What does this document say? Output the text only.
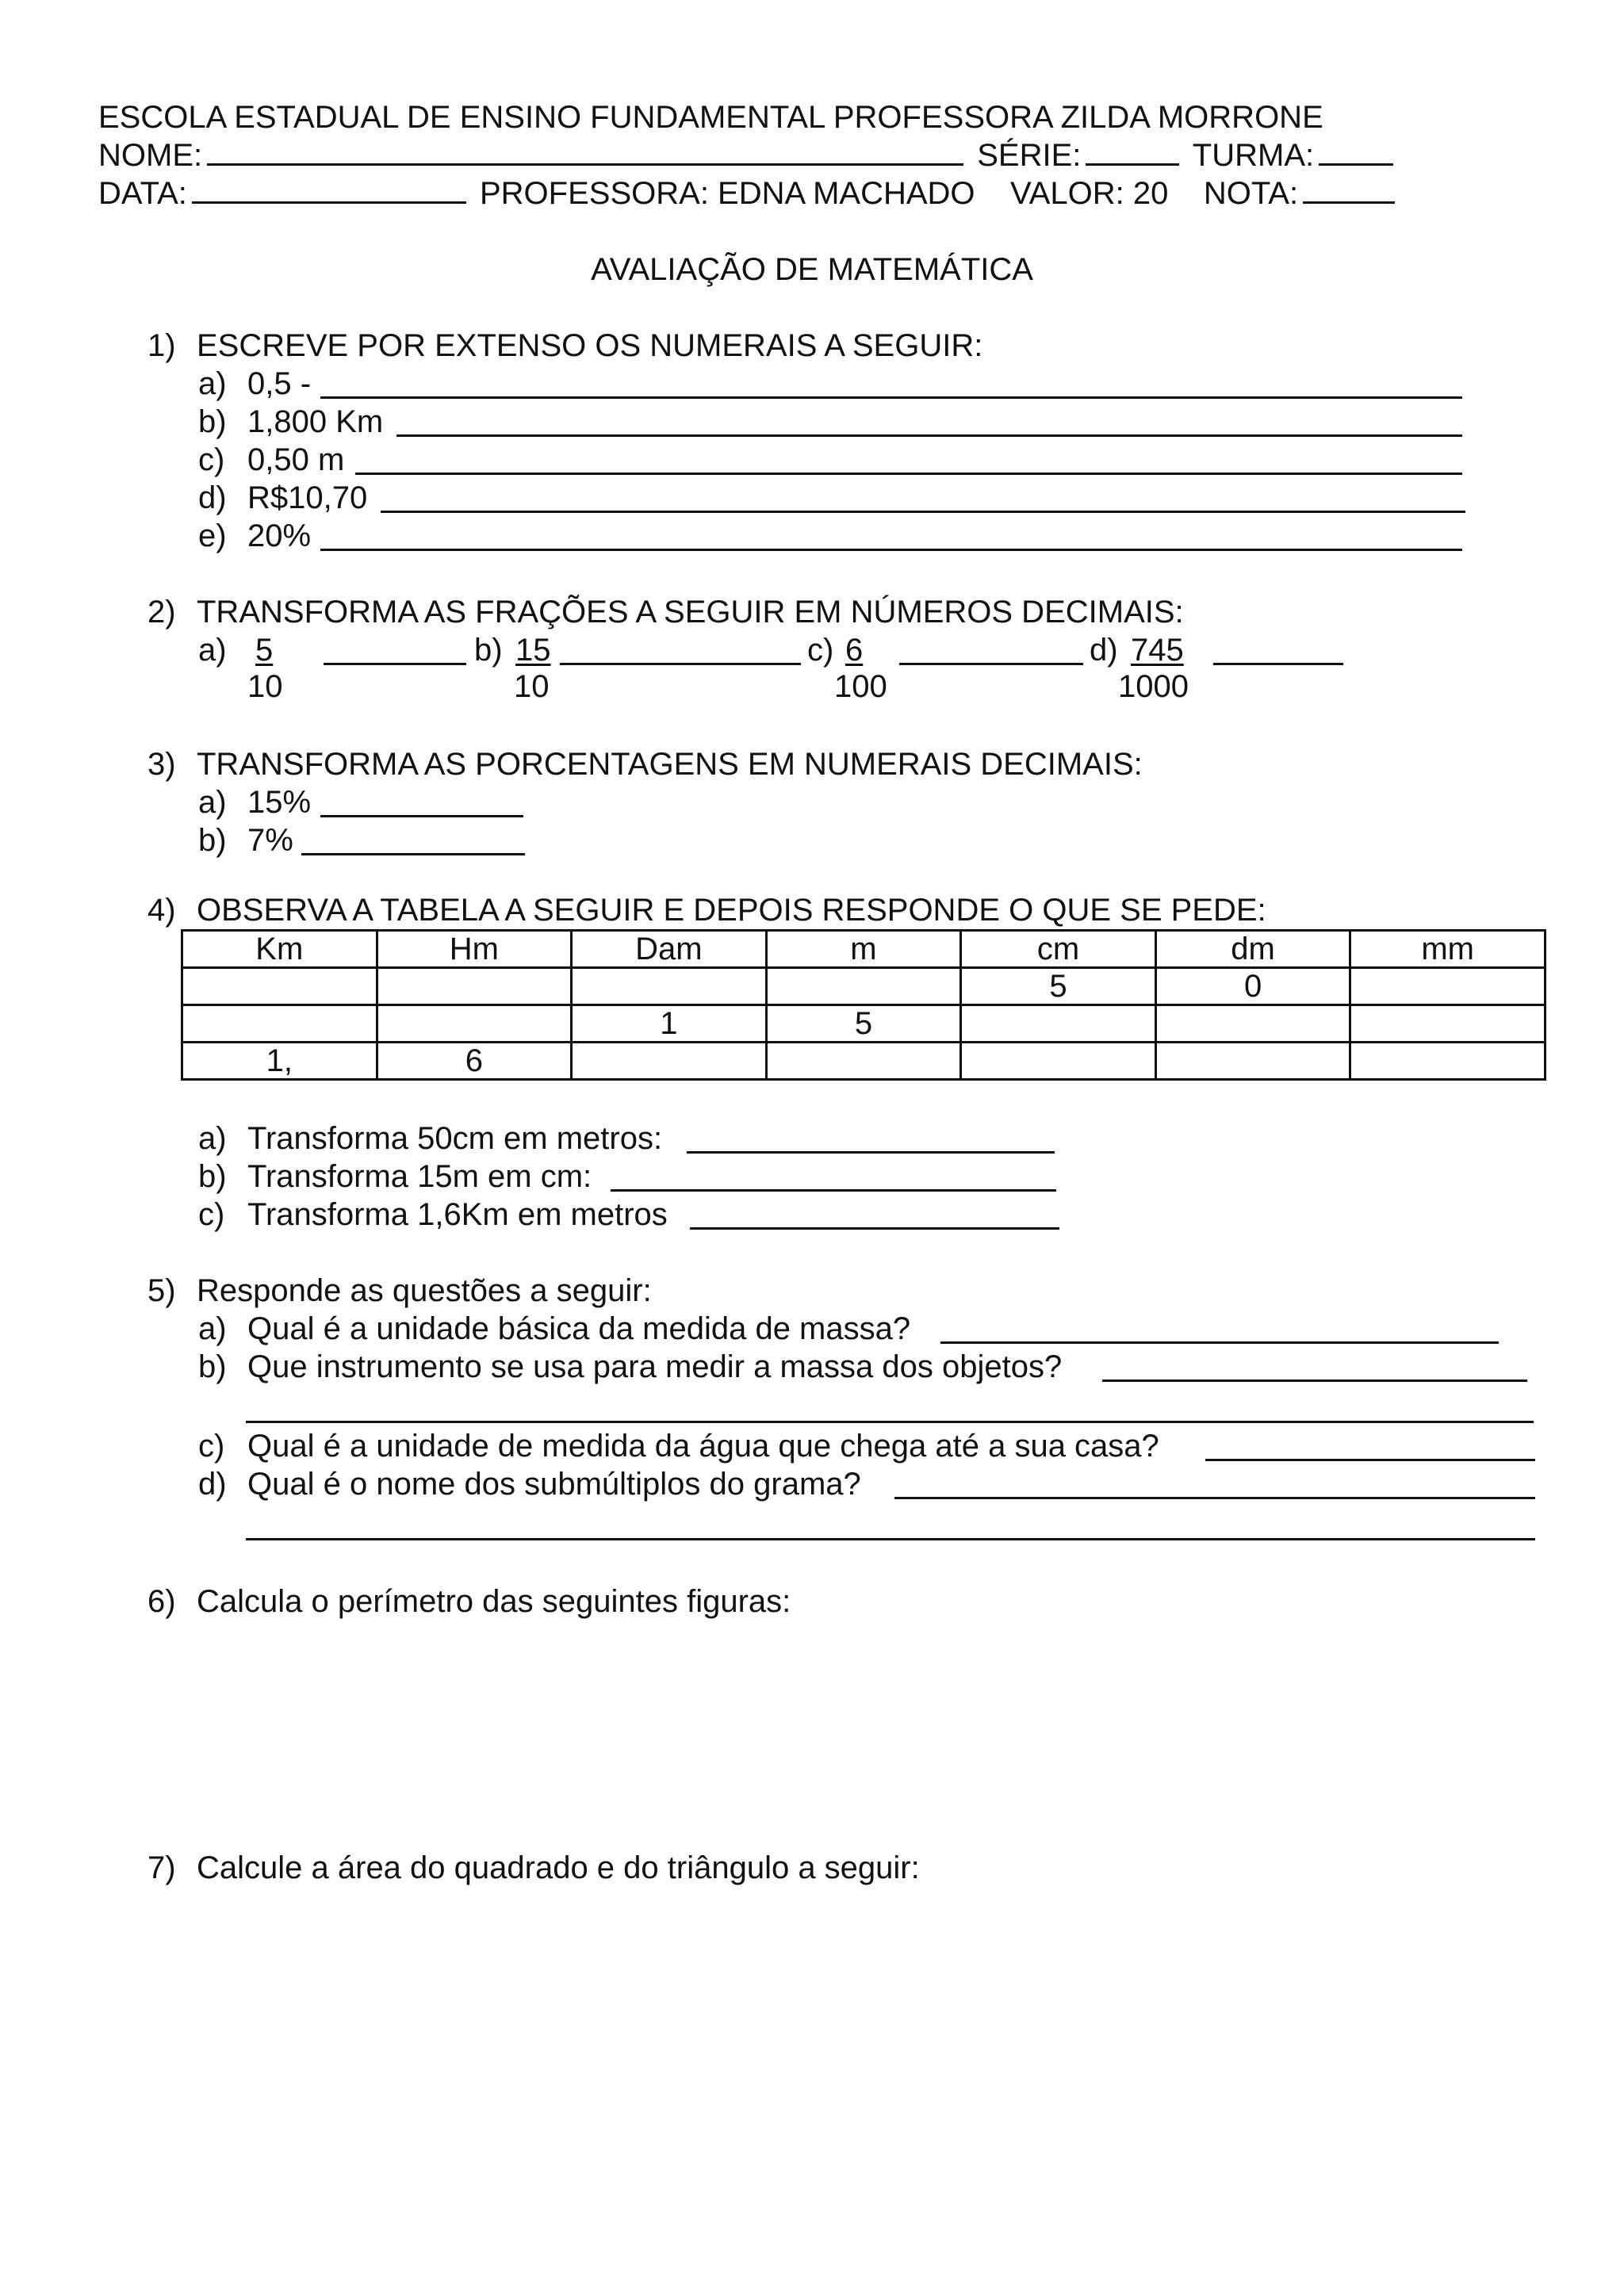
ESCOLA ESTADUAL DE ENSINO FUNDAMENTAL PROFESSORA ZILDA MORRONE
NOME:	SÉRIE:	TURMA:
DATA:	PROFESSORA: EDNA MACHADO VALOR: 20 NOTA:
AVALIAÇÃO DE MATEMÁTICA
1) ESCREVE POR EXTENSO OS NUMERAIS A SEGUIR:
a) 0,5 -
b) 1,800 Km
c) 0,50 m
d) R$10,70
e) 20%
2) TRANSFORMA AS FRAÇÕES A SEGUIR EM NÚMEROS DECIMAIS:
a) 5
10
b) 15
10
c) 6
100
d) 745
1000
3) TRANSFORMA AS PORCENTAGENS EM NUMERAIS DECIMAIS:
a) 15%
b) 7%
4) OBSERVA A TABELA A SEGUIR E DEPOIS RESPONDE O QUE SE PEDE:
Km	Hm	Dam	m	cm	dm	mm
				5	0	
		1	5			
1,	6					
a) Transforma 50cm em metros:
b) Transforma 15m em cm:
c) Transforma 1,6Km em metros
5) Responde as questões a seguir:
a) Qual é a unidade básica da medida de massa?
b) Que instrumento se usa para medir a massa dos objetos?
c) Qual é a unidade de medida da água que chega até a sua casa?
d) Qual é o nome dos submúltiplos do grama?
6) Calcula o perímetro das seguintes figuras:
7) Calcule a área do quadrado e do triângulo a seguir:
